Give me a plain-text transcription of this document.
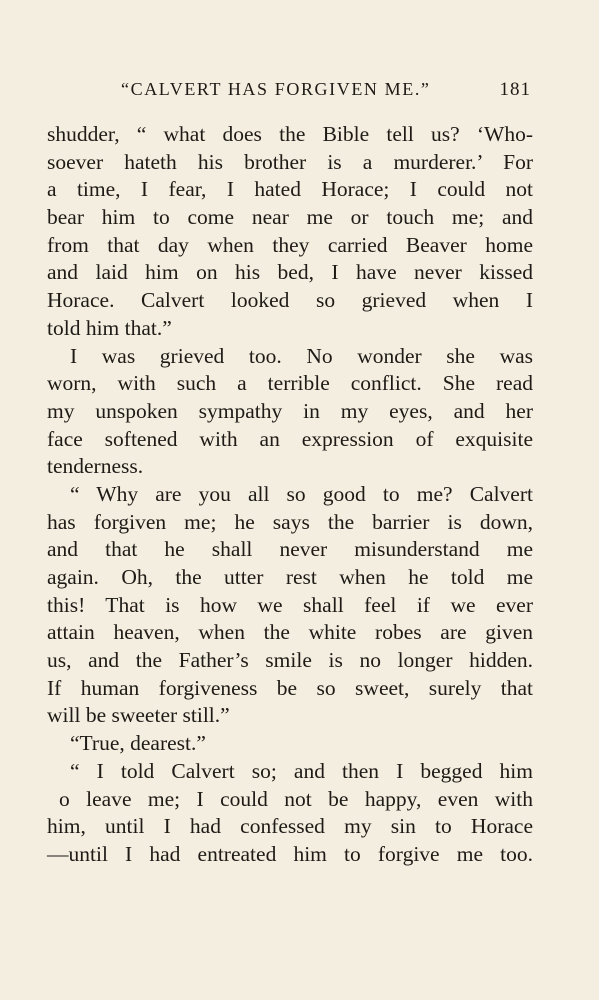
“CALVERT HAS FORGIVEN ME.”	181
shudder, “ what does the Bible tell us? ‘Who-
soever hateth his brother is a murderer.’ For
a time, I fear, I hated Horace; I could not
bear him to come near me or touch me; and
from that day when they carried Beaver home
and laid him on his bed, I have never kissed
Horace. Calvert looked so grieved when I
told him that.”
I was grieved too. No wonder she was
worn, with such a terrible conflict. She read
my unspoken sympathy in my eyes, and her
face softened with an expression of exquisite
tenderness.
“ Why are you all so good to me? Calvert
has forgiven me; he says the barrier is down,
and that he shall never misunderstand me
again. Oh, the utter rest when he told me
this! That is how we shall feel if we ever
attain heaven, when the white robes are given
us, and the Father’s smile is no longer hidden.
If human forgiveness be so sweet, surely that
will be sweeter still.”
“True, dearest.”
“ I told Calvert so; and then I begged him
o leave me; I could not be happy, even with
him, until I had confessed my sin to Horace
—until I had entreated him to forgive me too.
